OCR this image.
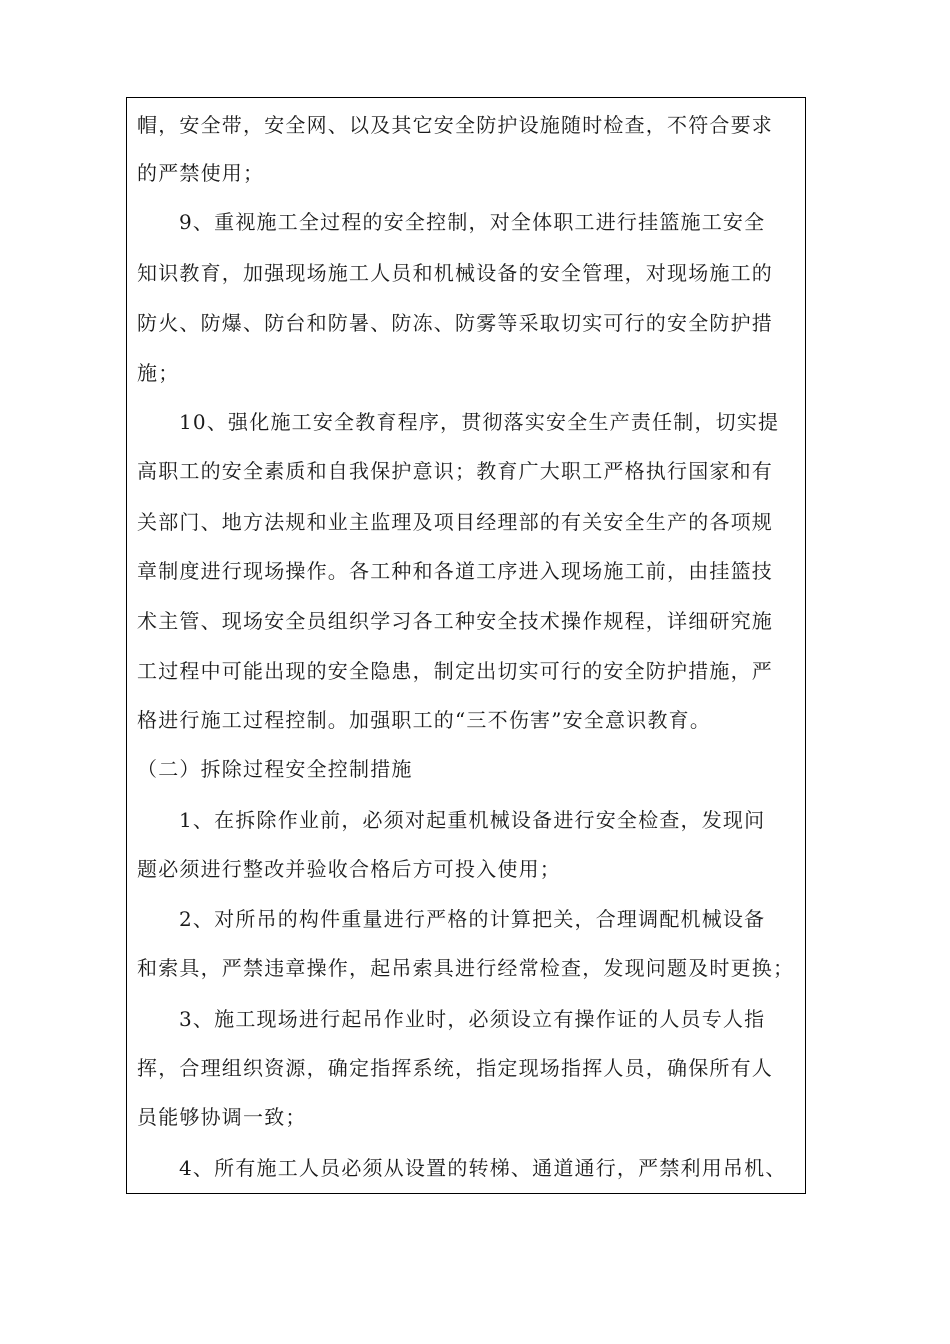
帽，安全带，安全网、以及其它安全防护设施随时检查，不符合要求
的严禁使用；
9、重视施工全过程的安全控制，对全体职工进行挂篮施工安全
知识教育，加强现场施工人员和机械设备的安全管理，对现场施工的
防火、防爆、防台和防暑、防冻、防雾等采取切实可行的安全防护措
施；
10、强化施工安全教育程序，贯彻落实安全生产责任制，切实提
高职工的安全素质和自我保护意识；教育广大职工严格执行国家和有
关部门、地方法规和业主监理及项目经理部的有关安全生产的各项规
章制度进行现场操作。各工种和各道工序进入现场施工前，由挂篮技
术主管、现场安全员组织学习各工种安全技术操作规程，详细研究施
工过程中可能出现的安全隐患，制定出切实可行的安全防护措施，严
格进行施工过程控制。加强职工的“三不伤害”安全意识教育。
（二）拆除过程安全控制措施
1、在拆除作业前，必须对起重机械设备进行安全检查，发现问
题必须进行整改并验收合格后方可投入使用；
2、对所吊的构件重量进行严格的计算把关，合理调配机械设备
和索具，严禁违章操作，起吊索具进行经常检查，发现问题及时更换；
3、施工现场进行起吊作业时，必须设立有操作证的人员专人指
挥，合理组织资源，确定指挥系统，指定现场指挥人员，确保所有人
员能够协调一致；
4、所有施工人员必须从设置的转梯、通道通行，严禁利用吊机、
